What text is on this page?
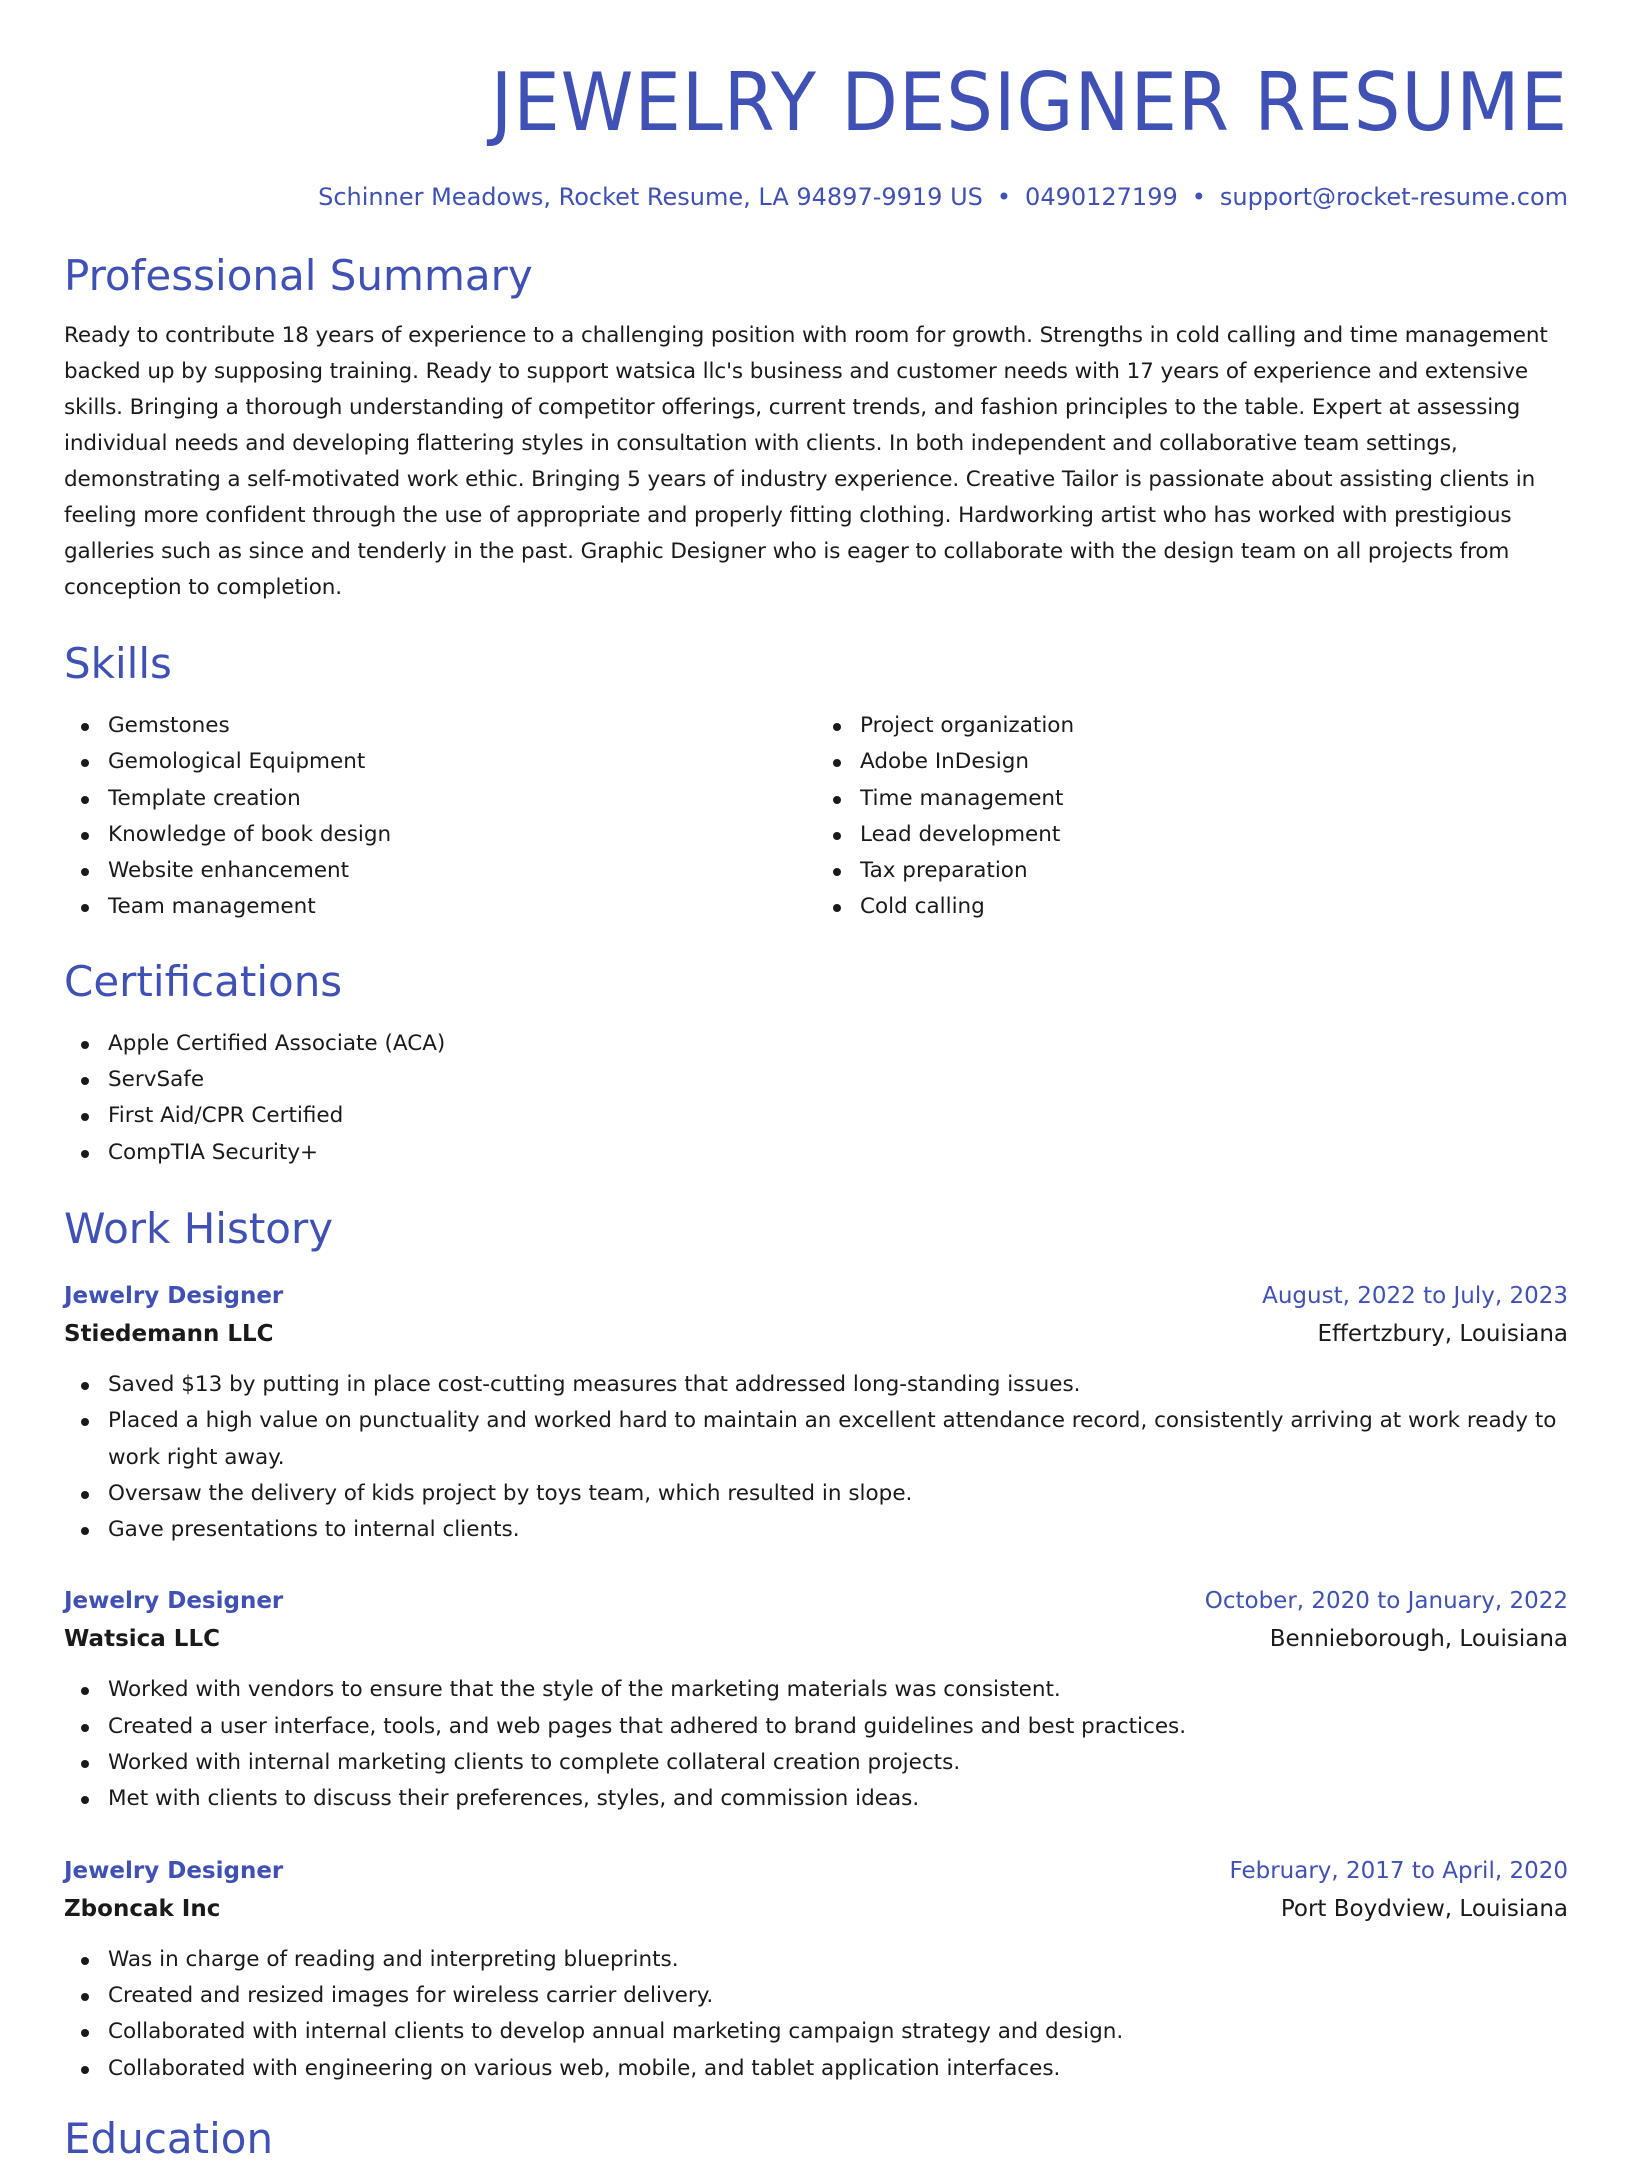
JEWELRY DESIGNER RESUME
Schinner Meadows, Rocket Resume, LA 94897-9919 US • 0490127199 • support@rocket-resume.com
Professional Summary
Ready to contribute 18 years of experience to a challenging position with room for growth. Strengths in cold calling and time management backed up by supposing training. Ready to support watsica llc's business and customer needs with 17 years of experience and extensive skills. Bringing a thorough understanding of competitor offerings, current trends, and fashion principles to the table. Expert at assessing individual needs and developing flattering styles in consultation with clients. In both independent and collaborative team settings, demonstrating a self-motivated work ethic. Bringing 5 years of industry experience. Creative Tailor is passionate about assisting clients in feeling more confident through the use of appropriate and properly fitting clothing. Hardworking artist who has worked with prestigious galleries such as since and tenderly in the past. Graphic Designer who is eager to collaborate with the design team on all projects from conception to completion.
Skills
Gemstones
Gemological Equipment
Template creation
Knowledge of book design
Website enhancement
Team management
Project organization
Adobe InDesign
Time management
Lead development
Tax preparation
Cold calling
Certifications
Apple Certified Associate (ACA)
ServSafe
First Aid/CPR Certified
CompTIA Security+
Work History
Jewelry Designer	August, 2022 to July, 2023
Stiedemann LLC	Effertzbury, Louisiana
Saved $13 by putting in place cost-cutting measures that addressed long-standing issues.
Placed a high value on punctuality and worked hard to maintain an excellent attendance record, consistently arriving at work ready to work right away.
Oversaw the delivery of kids project by toys team, which resulted in slope.
Gave presentations to internal clients.
Jewelry Designer	October, 2020 to January, 2022
Watsica LLC	Bennieborough, Louisiana
Worked with vendors to ensure that the style of the marketing materials was consistent.
Created a user interface, tools, and web pages that adhered to brand guidelines and best practices.
Worked with internal marketing clients to complete collateral creation projects.
Met with clients to discuss their preferences, styles, and commission ideas.
Jewelry Designer	February, 2017 to April, 2020
Zboncak Inc	Port Boydview, Louisiana
Was in charge of reading and interpreting blueprints.
Created and resized images for wireless carrier delivery.
Collaborated with internal clients to develop annual marketing campaign strategy and design.
Collaborated with engineering on various web, mobile, and tablet application interfaces.
Education
